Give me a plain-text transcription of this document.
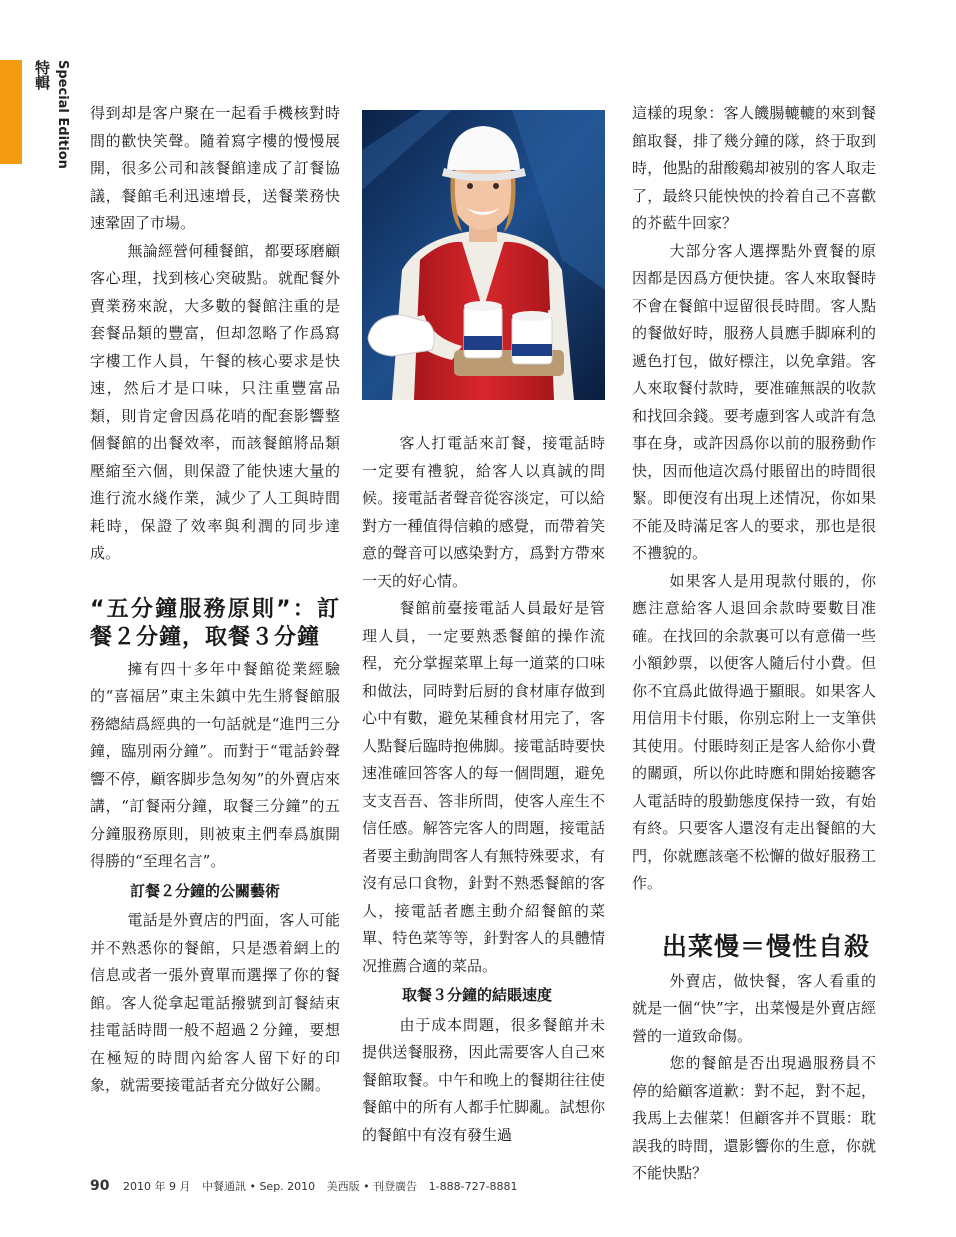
Special Edition 特輯

得到却是客户聚在一起看手機核對時間的歡快笑聲。隨着寫字樓的慢慢展開，很多公司和該餐館達成了訂餐協議，餐館毛利迅速增長，送餐業務快速鞏固了市場。

無論經營何種餐館，都要琢磨顧客心理，找到核心突破點。就配餐外賣業務來說，大多數的餐館注重的是套餐品類的豐富，但却忽略了作爲寫字樓工作人員，午餐的核心要求是快速，然后才是口味，只注重豐富品類，則肯定會因爲花哨的配套影響整個餐館的出餐效率，而該餐館將品類壓縮至六個，則保證了能快速大量的進行流水綫作業，減少了人工與時間耗時，保證了效率與利潤的同步達成。

“五分鐘服務原則”：訂餐２分鐘，取餐３分鐘

擁有四十多年中餐館從業經驗的“喜福居”東主朱鎮中先生將餐館服務總結爲經典的一句話就是“進門三分鐘，臨別兩分鐘”。而對于“電話鈴聲響不停，顧客脚步急匆匆”的外賣店來講，“訂餐兩分鐘，取餐三分鐘”的五分鐘服務原則，則被東主們奉爲旗開得勝的“至理名言”。

訂餐２分鐘的公關藝術

電話是外賣店的門面，客人可能并不熟悉你的餐館，只是憑着網上的信息或者一張外賣單而選擇了你的餐館。客人從拿起電話撥號到訂餐結束挂電話時間一般不超過２分鐘，要想在極短的時間內給客人留下好的印象，就需要接電話者充分做好公關。

客人打電話來訂餐，接電話時一定要有禮貌，給客人以真誠的問候。接電話者聲音從容淡定，可以給對方一種值得信賴的感覺，而帶着笑意的聲音可以感染對方，爲對方帶來一天的好心情。

餐館前臺接電話人員最好是管理人員，一定要熟悉餐館的操作流程，充分掌握菜單上每一道菜的口味和做法，同時對后厨的食材庫存做到心中有數，避免某種食材用完了，客人點餐后臨時抱佛脚。接電話時要快速准確回答客人的每一個問題，避免支支吾吾、答非所問，使客人産生不信任感。解答完客人的問題，接電話者要主動詢問客人有無特殊要求，有沒有忌口食物，針對不熟悉餐館的客人，接電話者應主動介紹餐館的菜單、特色菜等等，針對客人的具體情况推薦合適的菜品。

取餐３分鐘的結賬速度

由于成本問題，很多餐館并未提供送餐服務，因此需要客人自己來餐館取餐。中午和晚上的餐期往往使餐館中的所有人都手忙脚亂。試想你的餐館中有沒有發生過

這樣的現象：客人饑腸轆轆的來到餐館取餐，排了幾分鐘的隊，終于取到時，他點的甜酸鷄却被别的客人取走了，最終只能怏怏的拎着自己不喜歡的芥藍牛回家？

大部分客人選擇點外賣餐的原因都是因爲方便快捷。客人來取餐時不會在餐館中逗留很長時間。客人點的餐做好時，服務人員應手脚麻利的遞色打包，做好標注，以免拿錯。客人來取餐付款時，要准確無誤的收款和找回余錢。要考慮到客人或許有急事在身，或許因爲你以前的服務動作快，因而他這次爲付賬留出的時間很緊。即便沒有出現上述情况，你如果不能及時滿足客人的要求，那也是很不禮貌的。

如果客人是用現款付賬的，你應注意給客人退回余款時要數目准確。在找回的余款裏可以有意備一些小額鈔票，以便客人隨后付小費。但你不宜爲此做得過于顯眼。如果客人用信用卡付賬，你别忘附上一支筆供其使用。付賬時刻正是客人給你小費的關頭，所以你此時應和開始接聽客人電話時的殷勤態度保持一致，有始有終。只要客人還沒有走出餐館的大門，你就應該毫不松懈的做好服務工作。

出菜慢＝慢性自殺

外賣店，做快餐，客人看重的就是一個“快”字，出菜慢是外賣店經營的一道致命傷。

您的餐館是否出現過服務員不停的給顧客道歉：對不起，對不起，我馬上去催菜！但顧客并不買賬：耽誤我的時間，還影響你的生意，你就不能快點？

90 2010 年 9 月 中餐通訊 • Sep. 2010 美西版 • 刊登廣告 1-888-727-8881
